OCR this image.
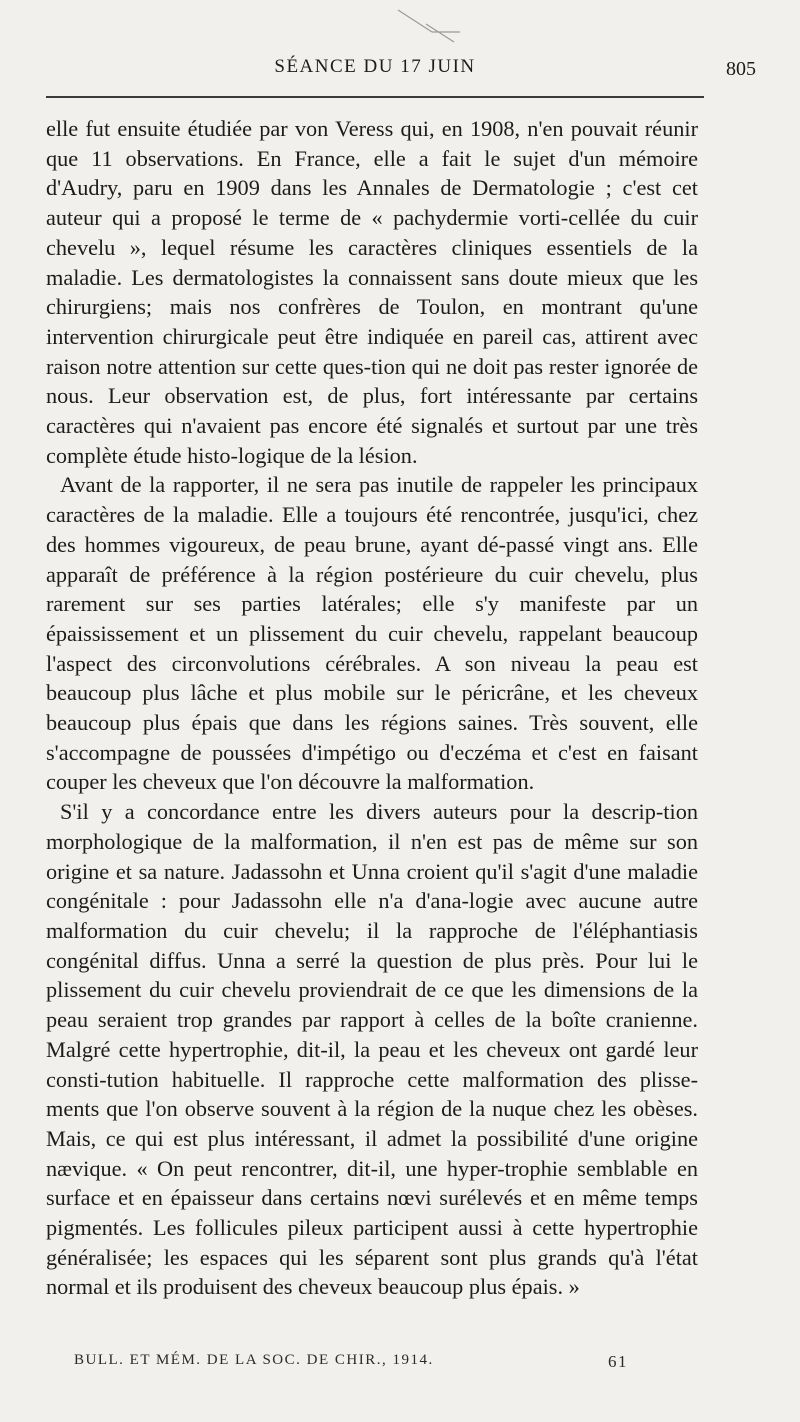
SÉANCE DU 17 JUIN	805

elle fut ensuite étudiée par von Veress qui, en 1908, n'en pouvait réunir que 11 observations. En France, elle a fait le sujet d'un mémoire d'Audry, paru en 1909 dans les Annales de Dermatologie ; c'est cet auteur qui a proposé le terme de « pachydermie vorti-cellée du cuir chevelu », lequel résume les caractères cliniques essentiels de la maladie. Les dermatologistes la connaissent sans doute mieux que les chirurgiens; mais nos confrères de Toulon, en montrant qu'une intervention chirurgicale peut être indiquée en pareil cas, attirent avec raison notre attention sur cette ques-tion qui ne doit pas rester ignorée de nous. Leur observation est, de plus, fort intéressante par certains caractères qui n'avaient pas encore été signalés et surtout par une très complète étude histo-logique de la lésion.

Avant de la rapporter, il ne sera pas inutile de rappeler les principaux caractères de la maladie. Elle a toujours été rencontrée, jusqu'ici, chez des hommes vigoureux, de peau brune, ayant dé-passé vingt ans. Elle apparaît de préférence à la région postérieure du cuir chevelu, plus rarement sur ses parties latérales; elle s'y manifeste par un épaississement et un plissement du cuir chevelu, rappelant beaucoup l'aspect des circonvolutions cérébrales. A son niveau la peau est beaucoup plus lâche et plus mobile sur le péricrâne, et les cheveux beaucoup plus épais que dans les régions saines. Très souvent, elle s'accompagne de poussées d'impétigo ou d'eczéma et c'est en faisant couper les cheveux que l'on découvre la malformation.

S'il y a concordance entre les divers auteurs pour la descrip-tion morphologique de la malformation, il n'en est pas de même sur son origine et sa nature. Jadassohn et Unna croient qu'il s'agit d'une maladie congénitale : pour Jadassohn elle n'a d'ana-logie avec aucune autre malformation du cuir chevelu; il la rapproche de l'éléphantiasis congénital diffus. Unna a serré la question de plus près. Pour lui le plissement du cuir chevelu proviendrait de ce que les dimensions de la peau seraient trop grandes par rapport à celles de la boîte cranienne. Malgré cette hypertrophie, dit-il, la peau et les cheveux ont gardé leur consti-tution habituelle. Il rapproche cette malformation des plisse-ments que l'on observe souvent à la région de la nuque chez les obèses. Mais, ce qui est plus intéressant, il admet la possibilité d'une origine nævique. « On peut rencontrer, dit-il, une hyper-trophie semblable en surface et en épaisseur dans certains nœvi surélevés et en même temps pigmentés. Les follicules pileux participent aussi à cette hypertrophie généralisée; les espaces qui les séparent sont plus grands qu'à l'état normal et ils produisent des cheveux beaucoup plus épais. »

BULL. ET MÉM. DE LA SOC. DE CHIR., 1914.	61
